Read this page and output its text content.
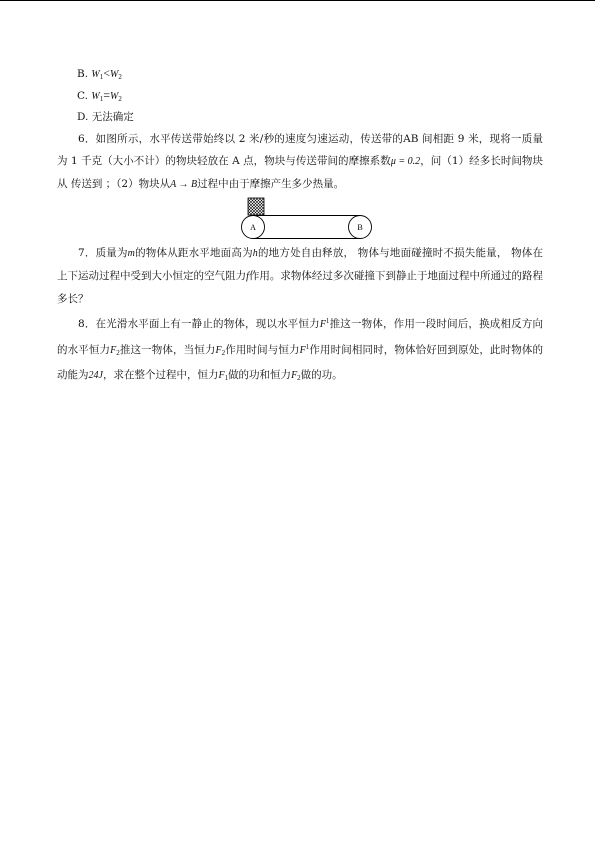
B. $W_1<W_2$
C. $W_1=W_2$
D. 无法确定

6．如图所示，水平传送带始终以 2 米/秒的速度匀速运动，传送带的AB 间相距 9 米，现将一质量为 1 千克（大小不计）的物块轻放在 A 点，物块与传送带间的摩擦系数μ = 0.2，问（1）经多长时间物块从 传送到 ；（2）物块从A → B过程中由于摩擦产生多少热量。

A	B

7．质量为m的物体从距水平地面高为h的地方处自由释放， 物体与地面碰撞时不损失能量， 物体在上下运动过程中受到大小恒定的空气阻力f作用。求物体经过多次碰撞下到静止于地面过程中所通过的路程多长？

8．在光滑水平面上有一静止的物体，现以水平恒力$F^1$推这一物体，作用一段时间后，换成相反方向的水平恒力$F_2$推这一物体，当恒力$F_2$作用时间与恒力$F^1$作用时间相同时，物体恰好回到原处，此时物体的动能为24J，求在整个过程中，恒力$F_1$做的功和恒力$F_2$做的功。
